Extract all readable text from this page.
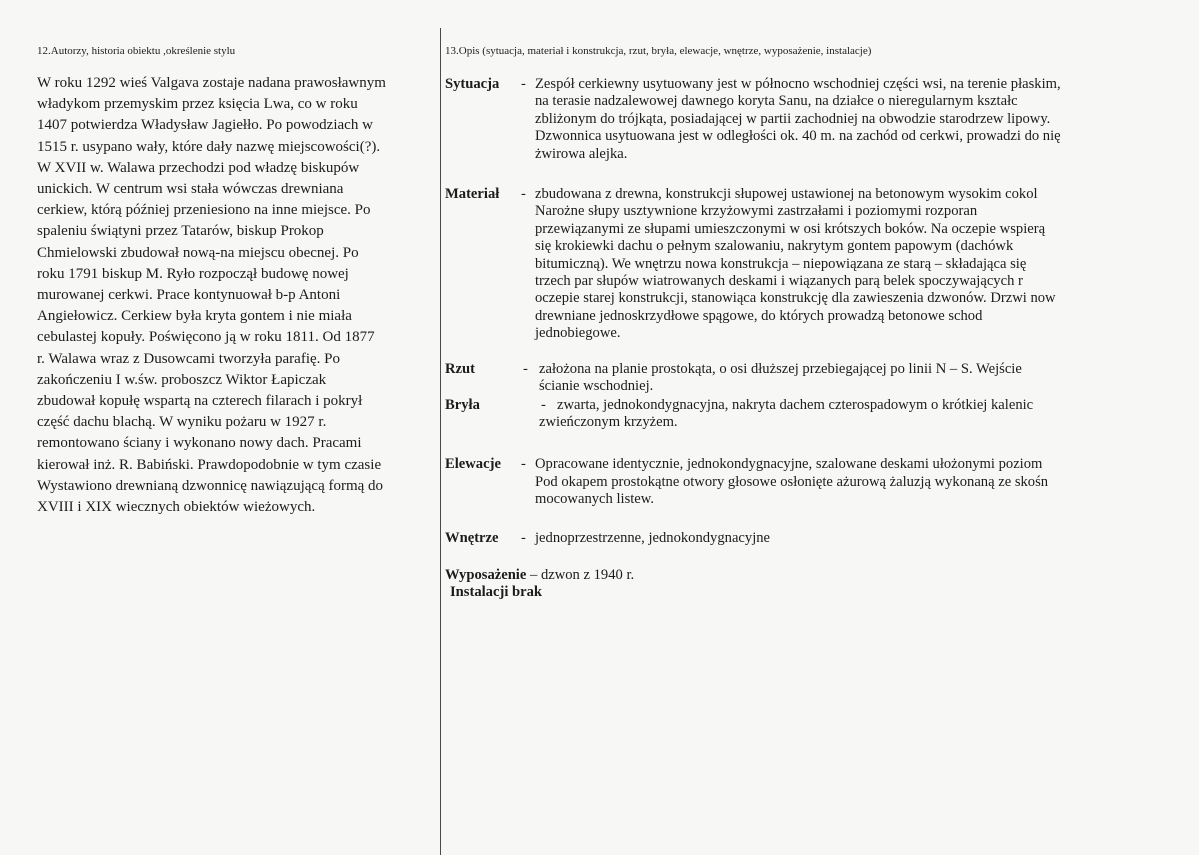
12.Autorzy, historia obiektu ,określenie stylu

W roku 1292 wieś Valgava zostaje nadana prawosławnym

władykom przemyskim przez księcia Lwa, co w roku

1407 potwierdza Władysław Jagiełło. Po powodziach w

1515 r. usypano wały, które dały nazwę miejscowości(?).

W XVII w. Walawa przechodzi pod władzę biskupów

unickich. W centrum wsi stała wówczas drewniana

cerkiew, którą później przeniesiono na inne miejsce. Po

spaleniu świątyni przez Tatarów, biskup Prokop

Chmielowski zbudował nową-na miejscu obecnej. Po

roku 1791 biskup M. Ryło rozpoczął budowę nowej

murowanej cerkwi. Prace kontynuował b-p Antoni

Angiełowicz. Cerkiew była kryta gontem i nie miała

cebulastej kopuły. Poświęcono ją w roku 1811. Od 1877

r. Walawa wraz z Dusowcami tworzyła parafię. Po

zakończeniu I w.św. proboszcz Wiktor Łapiczak

zbudował kopułę wspartą na czterech filarach i pokrył

część dachu blachą. W wyniku pożaru w 1927 r.

remontowano ściany i wykonano nowy dach. Pracami

kierował inż. R. Babiński. Prawdopodobnie w tym czasie

Wystawiono drewnianą dzwonnicę nawiązującą formą do

XVIII i XIX wiecznych obiektów wieżowych.

13.Opis (sytuacja, materiał i konstrukcja, rzut, bryła, elewacje, wnętrze, wyposażenie, instalacje)

Sytuacja - Zespół cerkiewny usytuowany jest w północno wschodniej części wsi, na terenie płaskim,

na terasie nadzalewowej dawnego koryta Sanu, na działce o nieregularnym kształc

zbliżonym do trójkąta, posiadającej w partii zachodniej na obwodzie starodrzew lipowy.

Dzwonnica usytuowana jest w odległości ok. 40 m. na zachód od cerkwi, prowadzi do nię

żwirowa alejka.

Materiał - zbudowana z drewna, konstrukcji słupowej ustawionej na betonowym wysokim cokol

Narożne słupy usztywnione krzyżowymi zastrzałami i poziomymi rozporan

przewiązanymi ze słupami umieszczonymi w osi krótszych boków. Na oczepie wspierą

się krokiewki dachu o pełnym szalowaniu, nakrytym gontem papowym (dachówk

bitumiczną). We wnętrzu nowa konstrukcja – niepowiązana ze starą – składająca się

trzech par słupów wiatrowanych deskami i wiązanych parą belek spoczywających r

oczepie starej konstrukcji, stanowiąca konstrukcję dla zawieszenia dzwonów. Drzwi now

drewniane jednoskrzydłowe spągowe, do których prowadzą betonowe schod

jednobiegowe.

Rzut	- założona na planie prostokąta, o osi dłuższej przebiegającej po linii N – S. Wejście

ścianie wschodniej.

Bryła	- zwarta, jednokondygnacyjna, nakryta dachem czterospadowym o krótkiej kalenic

zwieńczonym krzyżem.

Elewacje - Opracowane identycznie, jednokondygnacyjne, szalowane deskami ułożonymi poziom

Pod okapem prostokątne otwory głosowe osłonięte ażurową żaluzją wykonaną ze skośn

mocowanych listew.

Wnętrze - jednoprzestrzenne, jednokondygnacyjne

Wyposażenie – dzwon z 1940 r.
Instalacji brak
